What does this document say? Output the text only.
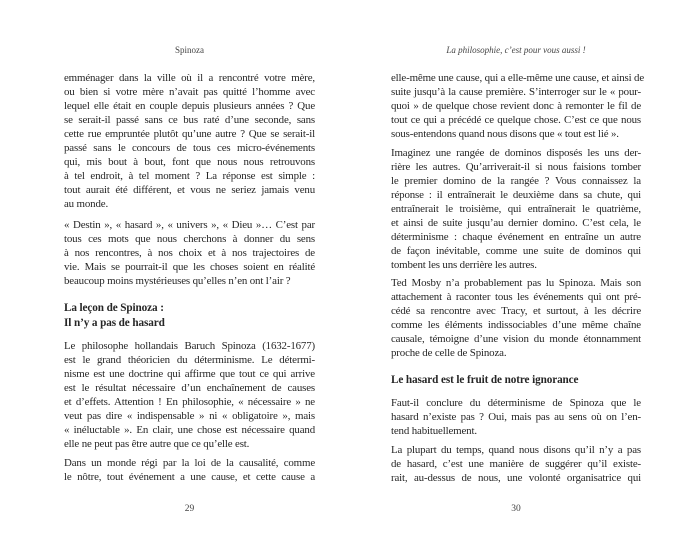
Spinoza
emménager dans la ville où il a rencontré votre mère,
ou bien si votre mère n’avait pas quitté l’homme avec
lequel elle était en couple depuis plusieurs années ? Que
se serait-il passé sans ce bus raté d’une seconde, sans
cette rue empruntée plutôt qu’une autre ? Que se serait-il
passé sans le concours de tous ces micro-événements
qui, mis bout à bout, font que nous nous retrouvons
à tel endroit, à tel moment ? La réponse est simple :
tout aurait été différent, et vous ne seriez jamais venu
au monde.
« Destin », « hasard », « univers », « Dieu »… C’est par
tous ces mots que nous cherchons à donner du sens
à nos rencontres, à nos choix et à nos trajectoires de
vie. Mais se pourrait-il que les choses soient en réalité
beaucoup moins mystérieuses qu’elles n’en ont l’air ?
La leçon de Spinoza :
Il n’y a pas de hasard
Le philosophe hollandais Baruch Spinoza (1632-1677)
est le grand théoricien du déterminisme. Le détermi-
nisme est une doctrine qui affirme que tout ce qui arrive
est le résultat nécessaire d’un enchaînement de causes
et d’effets. Attention ! En philosophie, « nécessaire » ne
veut pas dire « indispensable » ni « obligatoire », mais
« inéluctable ». En clair, une chose est nécessaire quand
elle ne peut pas être autre que ce qu’elle est.
Dans un monde régi par la loi de la causalité, comme
le nôtre, tout événement a une cause, et cette cause a
29
La philosophie, c’est pour vous aussi !
elle-même une cause, qui a elle-même une cause, et ainsi de
suite jusqu’à la cause première. S’interroger sur le « pour-
quoi » de quelque chose revient donc à remonter le fil de
tout ce qui a précédé ce quelque chose. C’est ce que nous
sous-entendons quand nous disons que « tout est lié ».
Imaginez une rangée de dominos disposés les uns der-
rière les autres. Qu’arriverait-il si nous faisions tomber
le premier domino de la rangée ? Vous connaissez la
réponse : il entraînerait le deuxième dans sa chute, qui
entraînerait le troisième, qui entraînerait le quatrième,
et ainsi de suite jusqu’au dernier domino. C’est cela, le
déterminisme : chaque événement en entraîne un autre
de façon inévitable, comme une suite de dominos qui
tombent les uns derrière les autres.
Ted Mosby n’a probablement pas lu Spinoza. Mais son
attachement à raconter tous les événements qui ont pré-
cédé sa rencontre avec Tracy, et surtout, à les décrire
comme les éléments indissociables d’une même chaîne
causale, témoigne d’une vision du monde étonnamment
proche de celle de Spinoza.
Le hasard est le fruit de notre ignorance
Faut-il conclure du déterminisme de Spinoza que le
hasard n’existe pas ? Oui, mais pas au sens où on l’en-
tend habituellement.
La plupart du temps, quand nous disons qu’il n’y a pas
de hasard, c’est une manière de suggérer qu’il existe-
rait, au-dessus de nous, une volonté organisatrice qui
30
